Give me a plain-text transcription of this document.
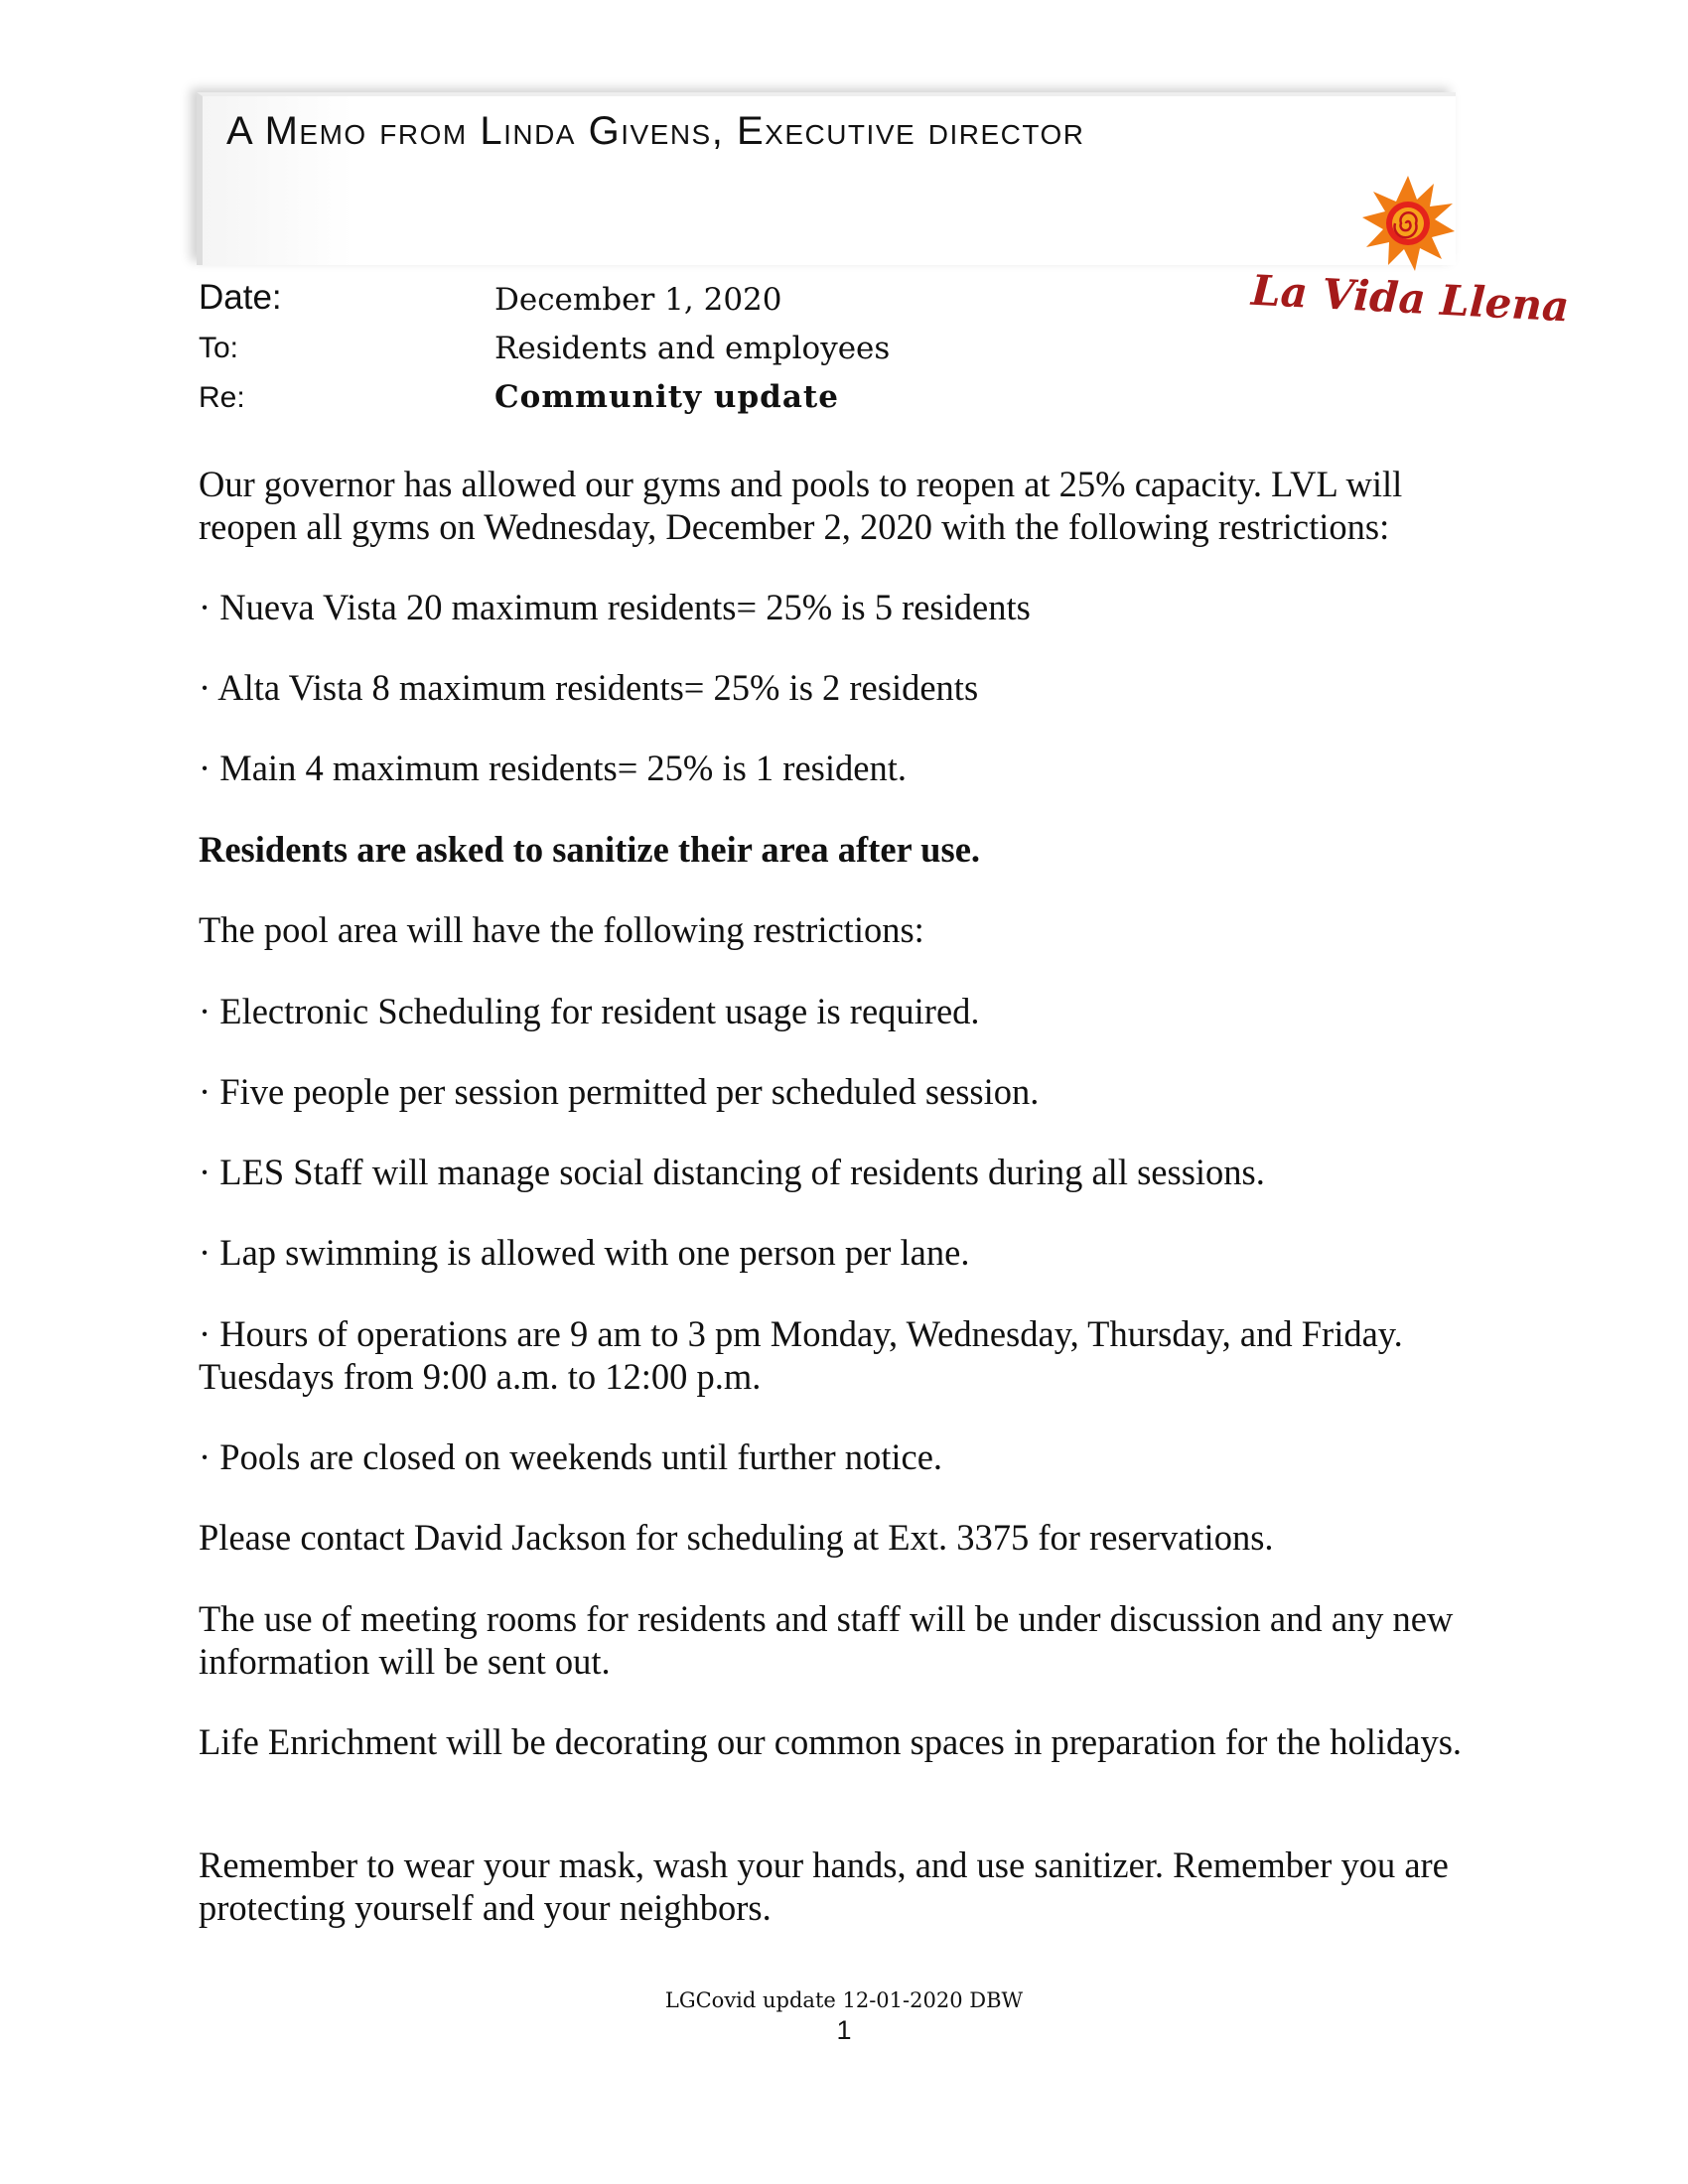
A Memo from Linda Givens, Executive director
La Vida Llena
Date:	December 1, 2020
To:	Residents and employees
Re:	Community update
Our governor has allowed our gyms and pools to reopen at 25% capacity. LVL will reopen all gyms on Wednesday, December 2, 2020 with the following restrictions:
· Nueva Vista 20 maximum residents= 25% is 5 residents
· Alta Vista 8 maximum residents= 25% is 2 residents
· Main 4 maximum residents= 25% is 1 resident.
Residents are asked to sanitize their area after use.
The pool area will have the following restrictions:
· Electronic Scheduling for resident usage is required.
· Five people per session permitted per scheduled session.
· LES Staff will manage social distancing of residents during all sessions.
· Lap swimming is allowed with one person per lane.
· Hours of operations are 9 am to 3 pm Monday, Wednesday, Thursday, and Friday. Tuesdays from 9:00 a.m. to 12:00 p.m.
· Pools are closed on weekends until further notice.
Please contact David Jackson for scheduling at Ext. 3375 for reservations.
The use of meeting rooms for residents and staff will be under discussion and any new information will be sent out.
Life Enrichment will be decorating our common spaces in preparation for the holidays.
Remember to wear your mask, wash your hands, and use sanitizer. Remember you are protecting yourself and your neighbors.
LGCovid update 12-01-2020 DBW
1
